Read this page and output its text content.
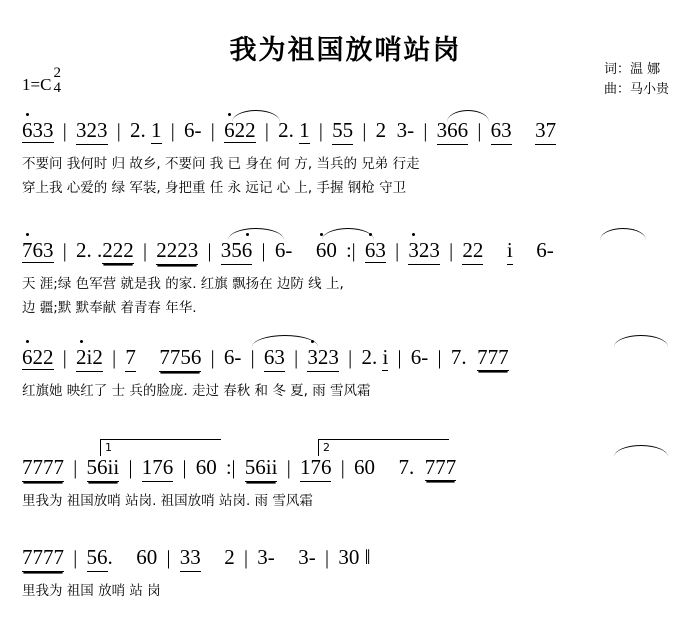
我为祖国放哨站岗
1=C
2
4
词：温 娜
曲：马小贵
633 | 323 | 2. 1 | 6- | 622 | 2. 1 | 55 | 2  3- | 366 | 63 37
不要问 我何时 归 故乡, 不要问 我 已 身在 何 方, 当兵的 兄弟 行走
穿上我 心爱的 绿 军装, 身把重 任 永 远记 心 上, 手握 钢枪 守卫
763 | 2. .222 | 2223 | 356 | 6- 60 :| 63 | 323 | 22 i 6-
天 涯;绿 色军营 就是我 的家. 红旗 飘扬在 边防 线 上,
边 疆;默 默奉献 着青春 年华.
622 | 2i2 | 7 7756 | 6- | 63 | 323 | 2. i | 6- | 7.  777
红旗她 映红了 士 兵的脸庞. 走过 春秋 和 冬 夏, 雨 雪风霜
1	2
7777 | 56ii | 176 | 60 :| 56ii | 176 | 60 7.  777
里我为 祖国放哨 站岗. 祖国放哨 站岗. 雨 雪风霜
7777 | 56. 60 | 33 2 | 3- 3- | 30 ‖
里我为 祖国 放哨 站 岗
